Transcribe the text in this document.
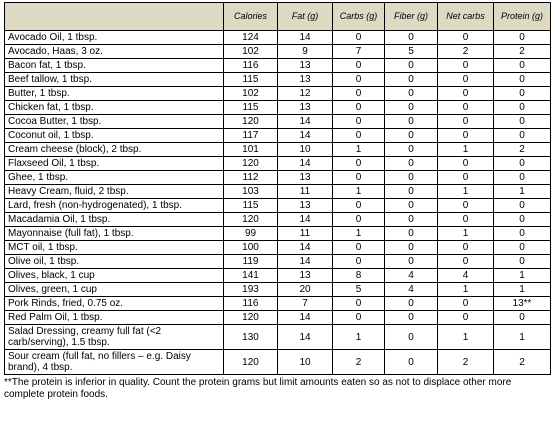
	Calories	Fat (g)	Carbs (g)	Fiber (g)	Net carbs	Protein (g)
Avocado Oil, 1 tbsp.	124	14	0	0	0	0
Avocado, Haas, 3 oz.	102	9	7	5	2	2
Bacon fat, 1 tbsp.	116	13	0	0	0	0
Beef tallow, 1 tbsp.	115	13	0	0	0	0
Butter, 1 tbsp.	102	12	0	0	0	0
Chicken fat, 1 tbsp.	115	13	0	0	0	0
Cocoa Butter, 1 tbsp.	120	14	0	0	0	0
Coconut oil, 1 tbsp.	117	14	0	0	0	0
Cream cheese (block), 2 tbsp.	101	10	1	0	1	2
Flaxseed Oil, 1 tbsp.	120	14	0	0	0	0
Ghee, 1 tbsp.	112	13	0	0	0	0
Heavy Cream, fluid, 2 tbsp.	103	11	1	0	1	1
Lard, fresh (non-hydrogenated), 1 tbsp.	115	13	0	0	0	0
Macadamia Oil, 1 tbsp.	120	14	0	0	0	0
Mayonnaise (full fat), 1 tbsp.	99	11	1	0	1	0
MCT oil, 1 tbsp.	100	14	0	0	0	0
Olive oil, 1 tbsp.	119	14	0	0	0	0
Olives, black, 1 cup	141	13	8	4	4	1
Olives, green, 1 cup	193	20	5	4	1	1
Pork Rinds, fried, 0.75 oz.	116	7	0	0	0	13**
Red Palm Oil, 1 tbsp.	120	14	0	0	0	0
Salad Dressing, creamy full fat (<2 carb/serving), 1.5 tbsp.	130	14	1	0	1	1
Sour cream (full fat, no fillers – e.g. Daisy brand), 4 tbsp.	120	10	2	0	2	2
**The protein is inferior in quality. Count the protein grams but limit amounts eaten so as not to displace other more complete protein foods.
